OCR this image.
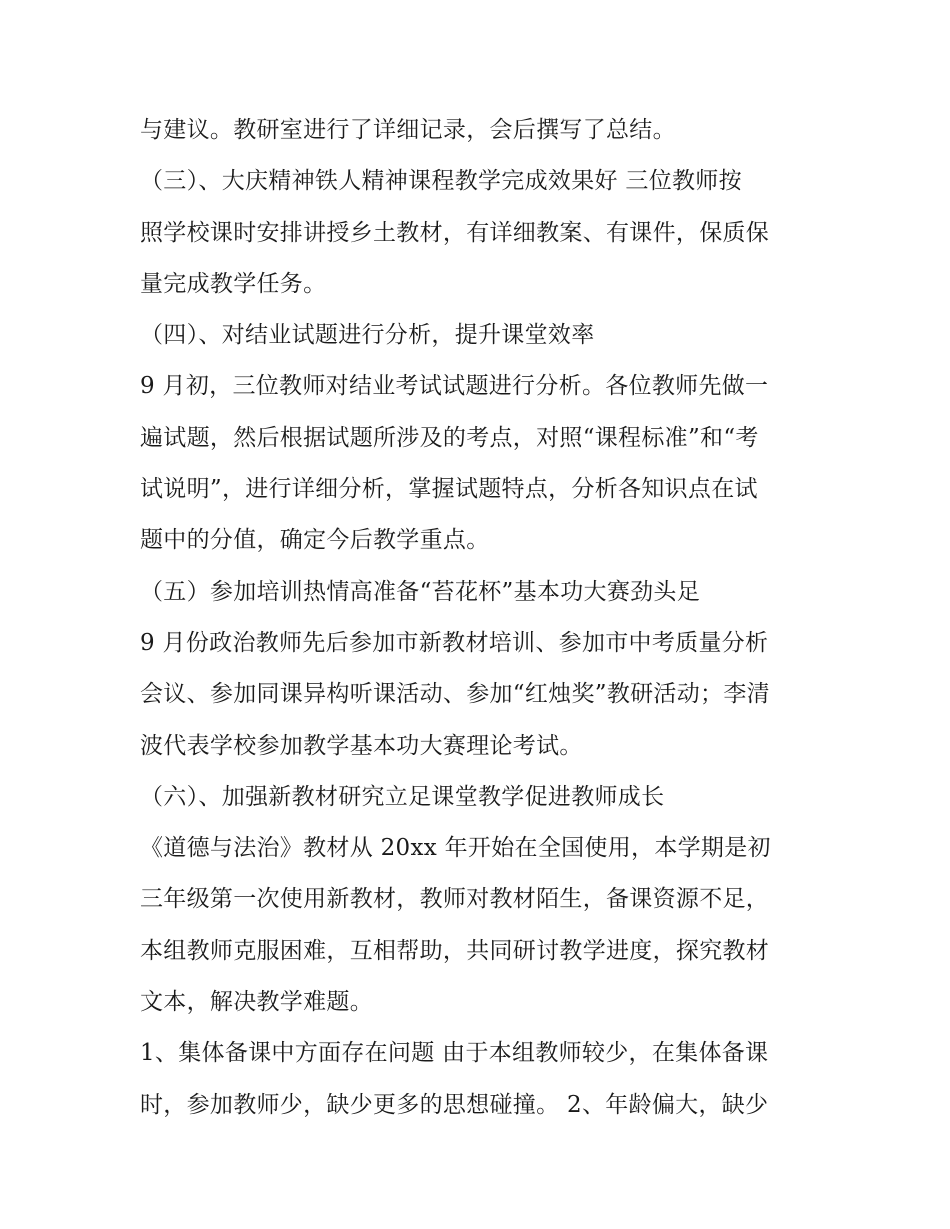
与建议。教研室进行了详细记录，会后撰写了总结。
（三）、大庆精神铁人精神课程教学完成效果好 三位教师按
照学校课时安排讲授乡土教材，有详细教案、有课件，保质保
量完成教学任务。
（四）、对结业试题进行分析，提升课堂效率
9 月初，三位教师对结业考试试题进行分析。各位教师先做一
遍试题，然后根据试题所涉及的考点，对照“课程标准”和“考
试说明”，进行详细分析，掌握试题特点，分析各知识点在试
题中的分值，确定今后教学重点。
（五）参加培训热情高准备“苔花杯”基本功大赛劲头足
9 月份政治教师先后参加市新教材培训、参加市中考质量分析
会议、参加同课异构听课活动、参加“红烛奖”教研活动；李清
波代表学校参加教学基本功大赛理论考试。
（六）、加强新教材研究立足课堂教学促进教师成长
《道德与法治》教材从 20xx 年开始在全国使用，本学期是初
三年级第一次使用新教材，教师对教材陌生，备课资源不足，
本组教师克服困难，互相帮助，共同研讨教学进度，探究教材
文本，解决教学难题。
1、集体备课中方面存在问题 由于本组教师较少，在集体备课
时，参加教师少，缺少更多的思想碰撞。 2、年龄偏大，缺少
